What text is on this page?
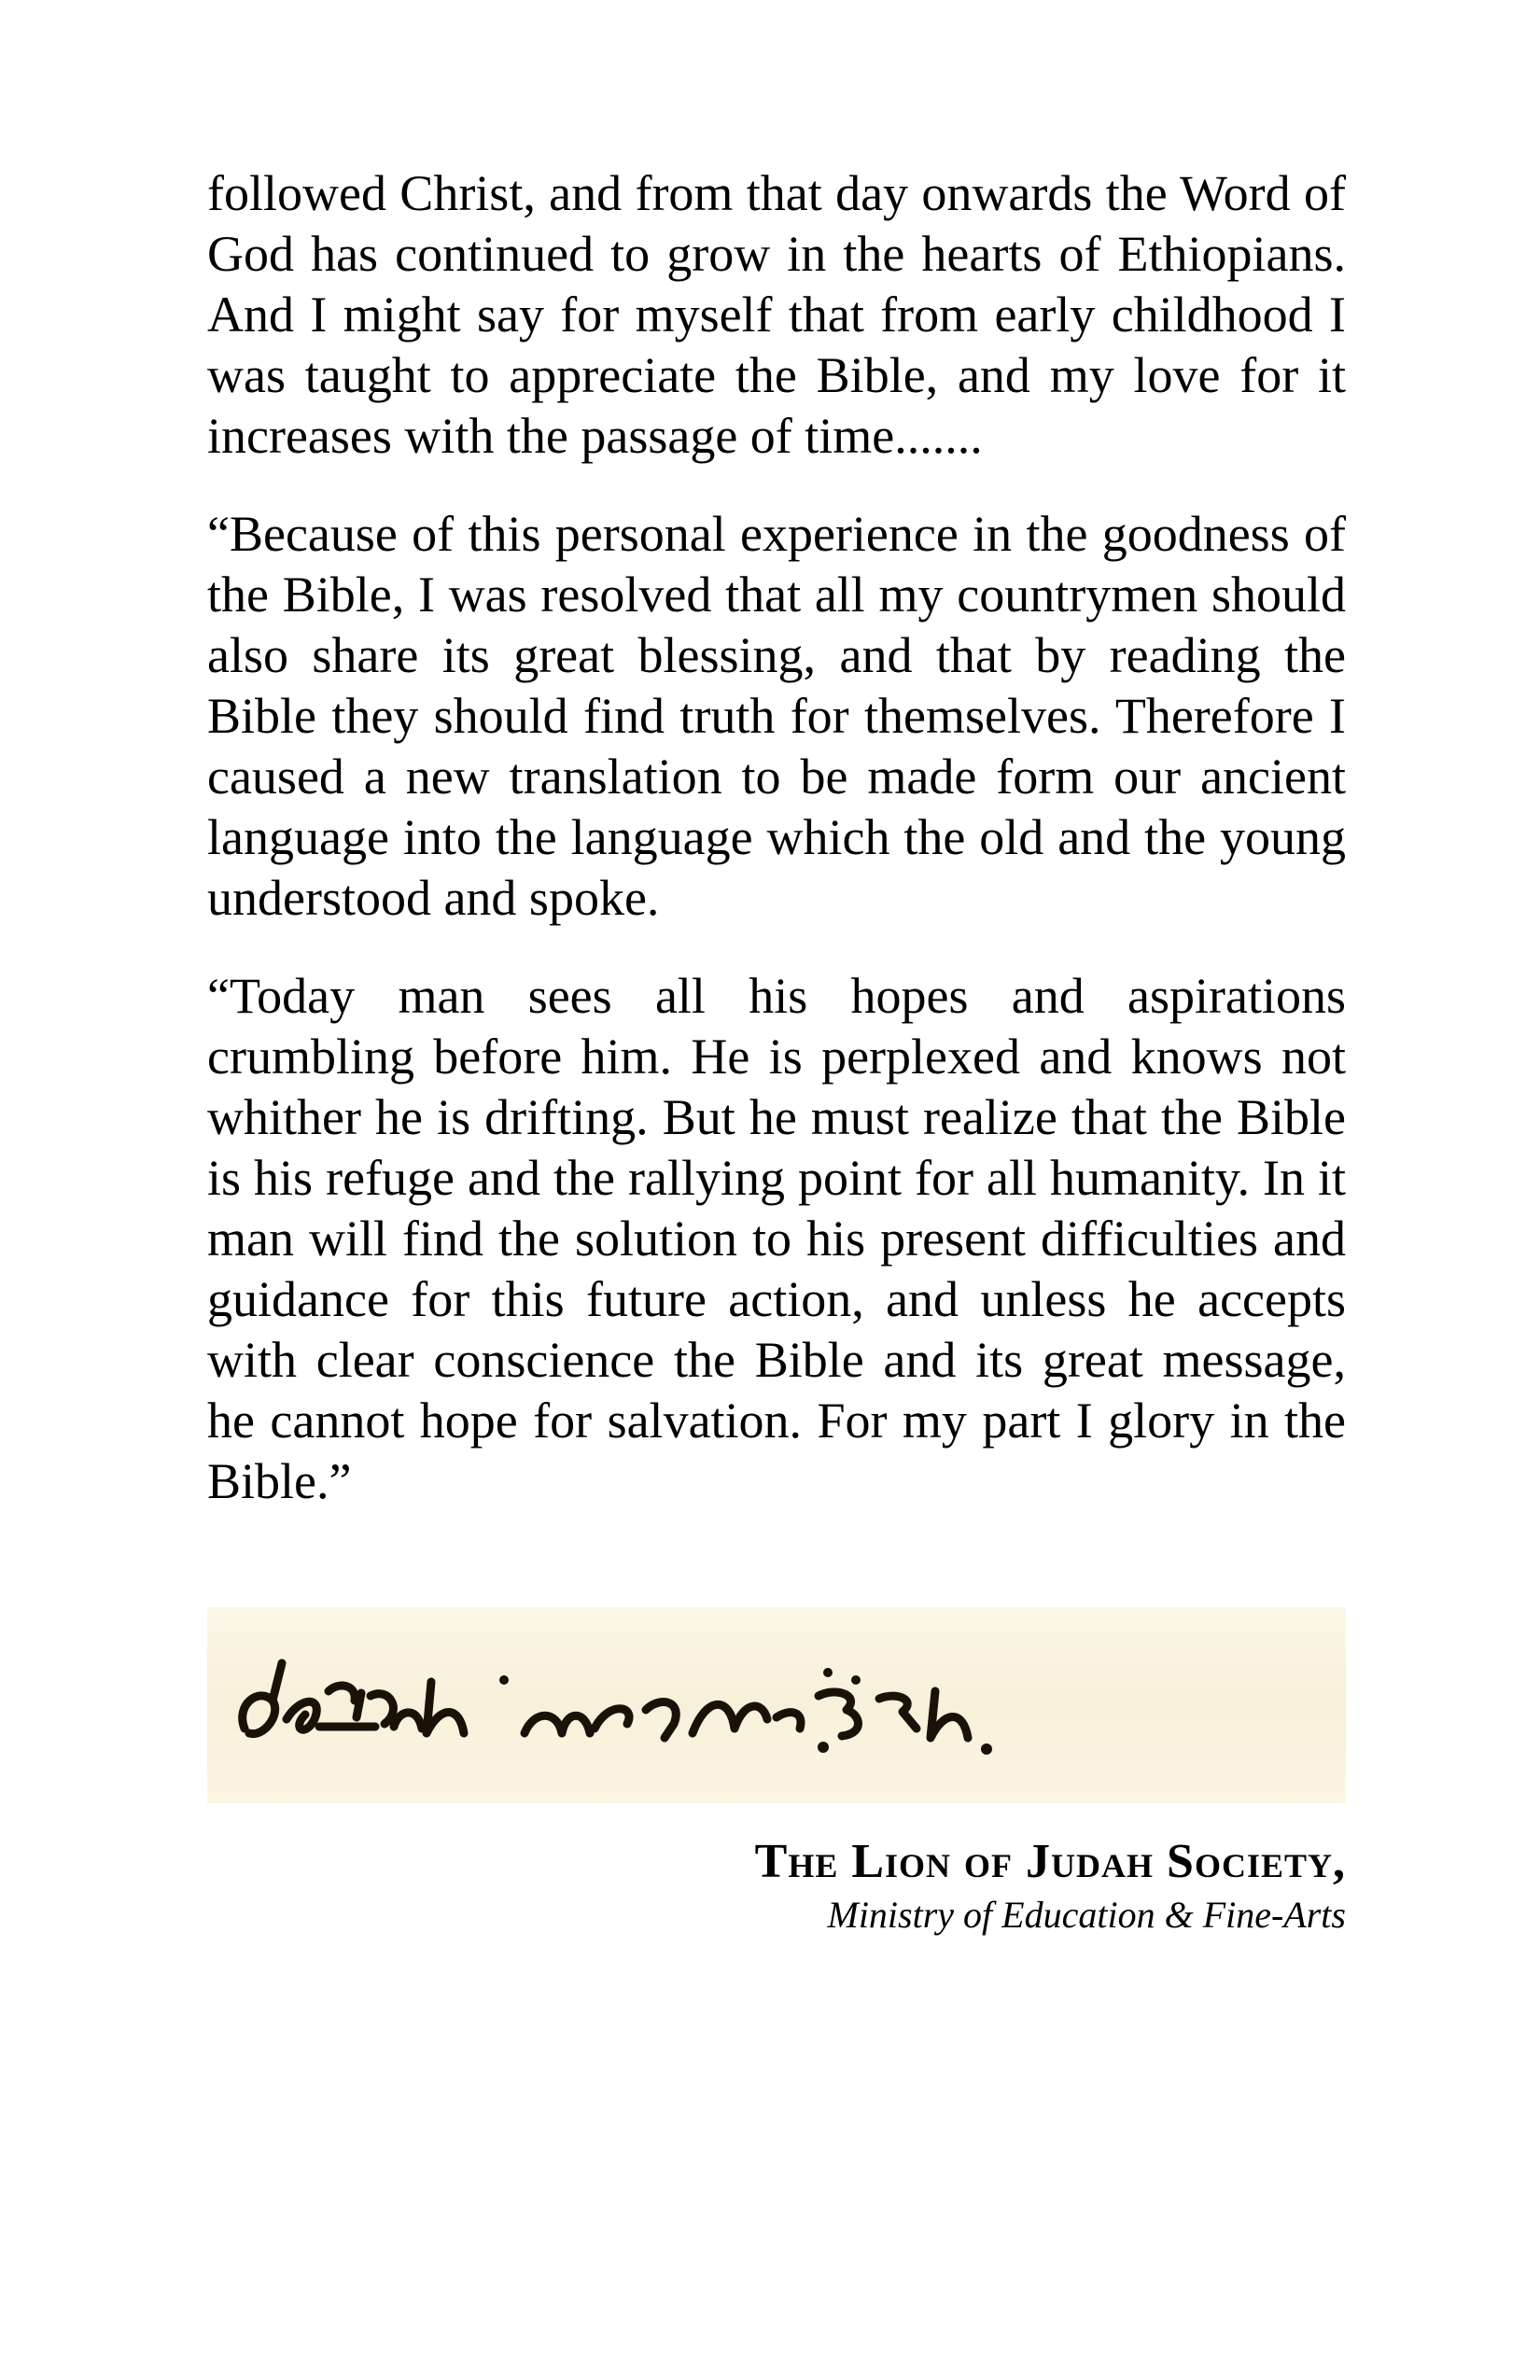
followed Christ, and from that day onwards the Word of God has continued to grow in the hearts of Ethiopians. And I might say for myself that from early childhood I was taught to appreciate the Bible, and my love for it increases with the passage of time.......

“Because of this personal experience in the goodness of the Bible, I was resolved that all my countrymen should also share its great blessing, and that by reading the Bible they should find truth for themselves. Therefore I caused a new translation to be made form our ancient language into the language which the old and the young understood and spoke.

“Today man sees all his hopes and aspirations crumbling before him. He is perplexed and knows not whither he is drifting. But he must realize that the Bible is his refuge and the rallying point for all humanity. In it man will find the solution to his present difficulties and guidance for this future action, and unless he accepts with clear conscience the Bible and its great message, he cannot hope for salvation. For my part I glory in the Bible.”

The Lion of Judah Society,
Ministry of Education & Fine-Arts
